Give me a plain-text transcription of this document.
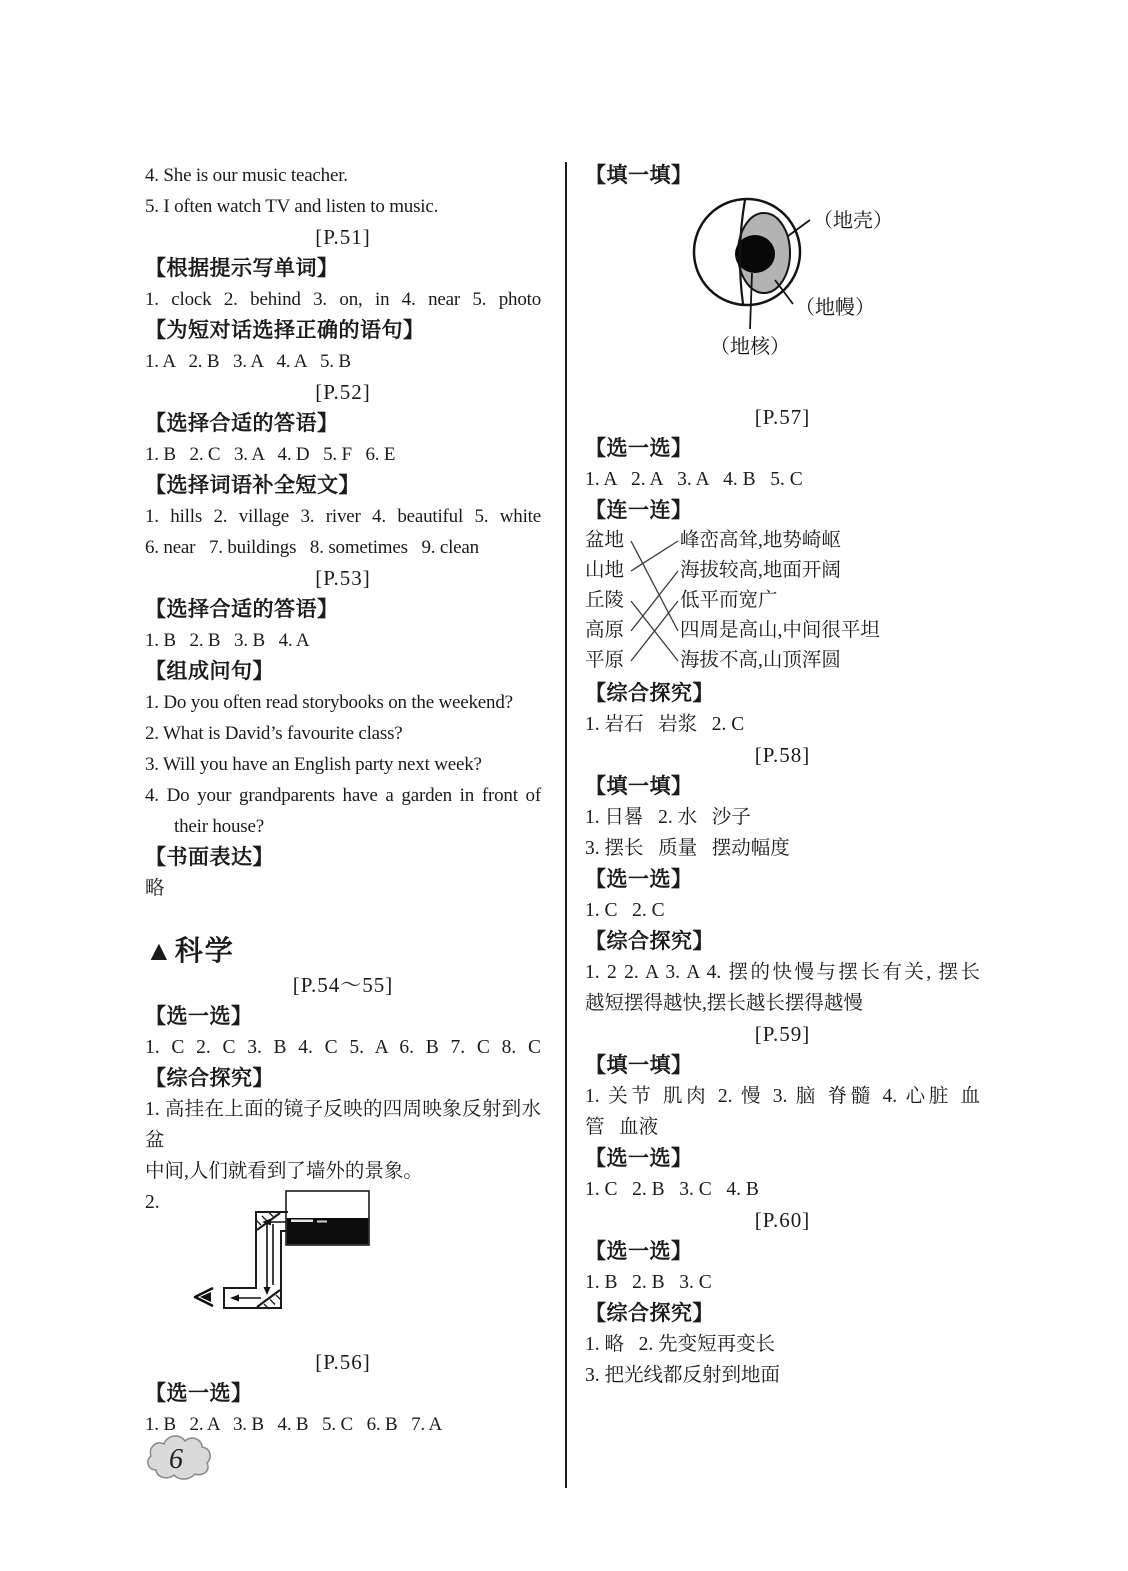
4. She is our music teacher.
5. I often watch TV and listen to music.
[P.51]
【根据提示写单词】
1. clock 2. behind 3. on, in 4. near 5. photo
【为短对话选择正确的语句】
1. A   2. B   3. A   4. A   5. B
[P.52]
【选择合适的答语】
1. B   2. C   3. A   4. D   5. F   6. E
【选择词语补全短文】
1. hills 2. village 3. river 4. beautiful 5. white
6. near   7. buildings   8. sometimes   9. clean
[P.53]
【选择合适的答语】
1. B   2. B   3. B   4. A
【组成问句】
1. Do you often read storybooks on the weekend?
2. What is David’s favourite class?
3. Will you have an English party next week?
4. Do your grandparents have a garden in front of
their house?
【书面表达】
略
▲科学
[P.54～55]
【选一选】
1. C 2. C 3. B 4. C 5. A 6. B 7. C 8. C
【综合探究】
1. 高挂在上面的镜子反映的四周映象反射到水盆
中间,人们就看到了墙外的景象。
2.
[P.56]
【选一选】
1. B   2. A   3. B   4. B   5. C   6. B   7. A
【填一填】
（地壳）
（地幔）
（地核）
[P.57]
【选一选】
1. A   2. A   3. A   4. B   5. C
【连一连】
盆地	峰峦高耸,地势崎岖
山地	海拔较高,地面开阔
丘陵	低平而宽广
高原	四周是高山,中间很平坦
平原	海拔不高,山顶浑圆
【综合探究】
1. 岩石   岩浆   2. C
[P.58]
【填一填】
1. 日晷   2. 水   沙子
3. 摆长   质量   摆动幅度
【选一选】
1. C   2. C
【综合探究】
1. 2 2. A 3. A 4. 摆的快慢与摆长有关, 摆长
越短摆得越快,摆长越长摆得越慢
[P.59]
【填一填】
1. 关节 肌肉 2. 慢 3. 脑 脊髓 4. 心脏 血
管   血液
【选一选】
1. C   2. B   3. C   4. B
[P.60]
【选一选】
1. B   2. B   3. C
【综合探究】
1. 略   2. 先变短再变长
3. 把光线都反射到地面
6
